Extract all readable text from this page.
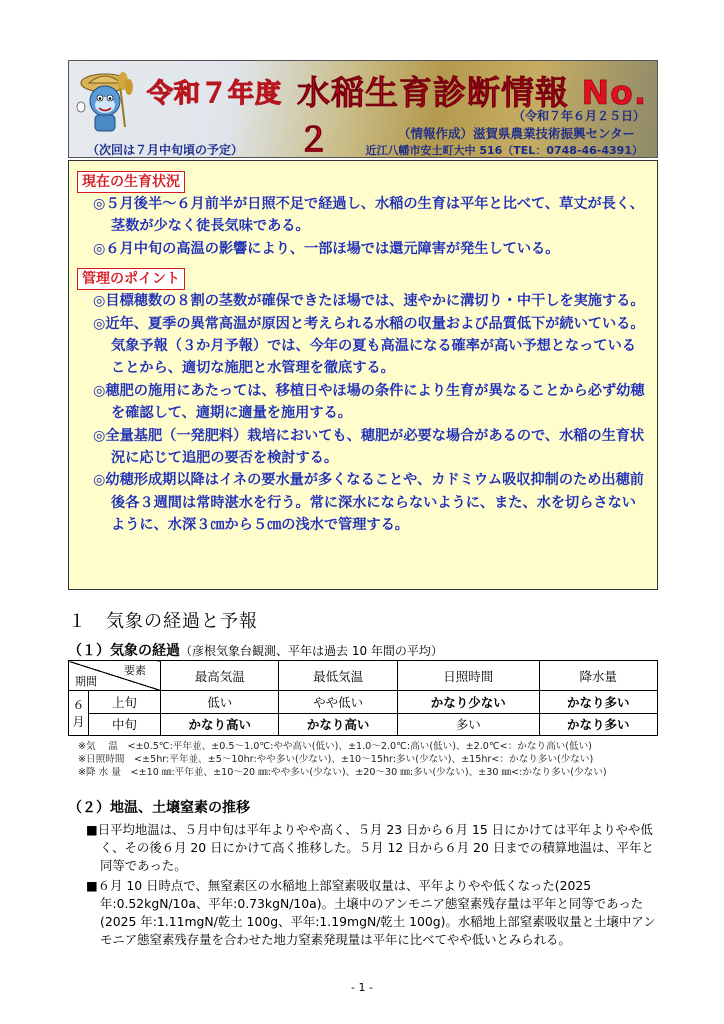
令和７年度 水稲生育診断情報 No.２
（令和７年６月２５日）
（情報作成）滋賀県農業技術振興センター
（次回は７月中旬頃の予定）	近江八幡市安土町大中 516（TEL：0748-46-4391）
現在の生育状況
◎５月後半～６月前半が日照不足で経過し、水稲の生育は平年と比べて、草丈が長く、茎数が少なく徒長気味である。
◎６月中旬の高温の影響により、一部ほ場では還元障害が発生している。
管理のポイント
◎目標穂数の８割の茎数が確保できたほ場では、速やかに溝切り・中干しを実施する。
◎近年、夏季の異常高温が原因と考えられる水稲の収量および品質低下が続いている。気象予報（３か月予報）では、今年の夏も高温になる確率が高い予想となっていることから、適切な施肥と水管理を徹底する。
◎穂肥の施用にあたっては、移植日やほ場の条件により生育が異なることから必ず幼穂を確認して、適期に適量を施用する。
◎全量基肥（一発肥料）栽培においても、穂肥が必要な場合があるので、水稲の生育状況に応じて追肥の要否を検討する。
◎幼穂形成期以降はイネの要水量が多くなることや、カドミウム吸収抑制のため出穂前後各３週間は常時湛水を行う。常に深水にならないように、また、水を切らさないように、水深３㎝から５㎝の浅水で管理する。
１　気象の経過と予報
（１）気象の経過（彦根気象台観測、平年は過去 10 年間の平均）
要素
期間		最高気温	最低気温	日照時間	降水量
６月	上旬	低い	やや低い	かなり少ない	かなり多い
	中旬	かなり高い	かなり高い	多い	かなり多い
※気　 温　<±0.5℃:平年並、±0.5～1.0℃:やや高い(低い)、±1.0～2.0℃:高い(低い)、±2.0℃<：かなり高い(低い)
※日照時間　<±5hr:平年並、±5～10hr:やや多い(少ない)、±10～15hr:多い(少ない)、±15hr<：かなり多い(少ない)
※降 水 量　<±10 ㎜:平年並、±10～20 ㎜:やや多い(少ない)、±20～30 ㎜:多い(少ない)、±30 ㎜<:かなり多い(少ない)
（２）地温、土壌窒素の推移
■日平均地温は、５月中旬は平年よりやや高く、５月 23 日から６月 15 日にかけては平年よりやや低く、その後６月 20 日にかけて高く推移した。５月 12 日から６月 20 日までの積算地温は、平年と同等であった。
■６月 10 日時点で、無窒素区の水稲地上部窒素吸収量は、平年よりやや低くなった(2025 年:0.52kgN/10a、平年:0.73kgN/10a)。土壌中のアンモニア態窒素残存量は平年と同等であった(2025 年:1.11mgN/乾土 100g、平年:1.19mgN/乾土 100g)。水稲地上部窒素吸収量と土壌中アンモニア態窒素残存量を合わせた地力窒素発現量は平年に比べてやや低いとみられる。
- 1 -
